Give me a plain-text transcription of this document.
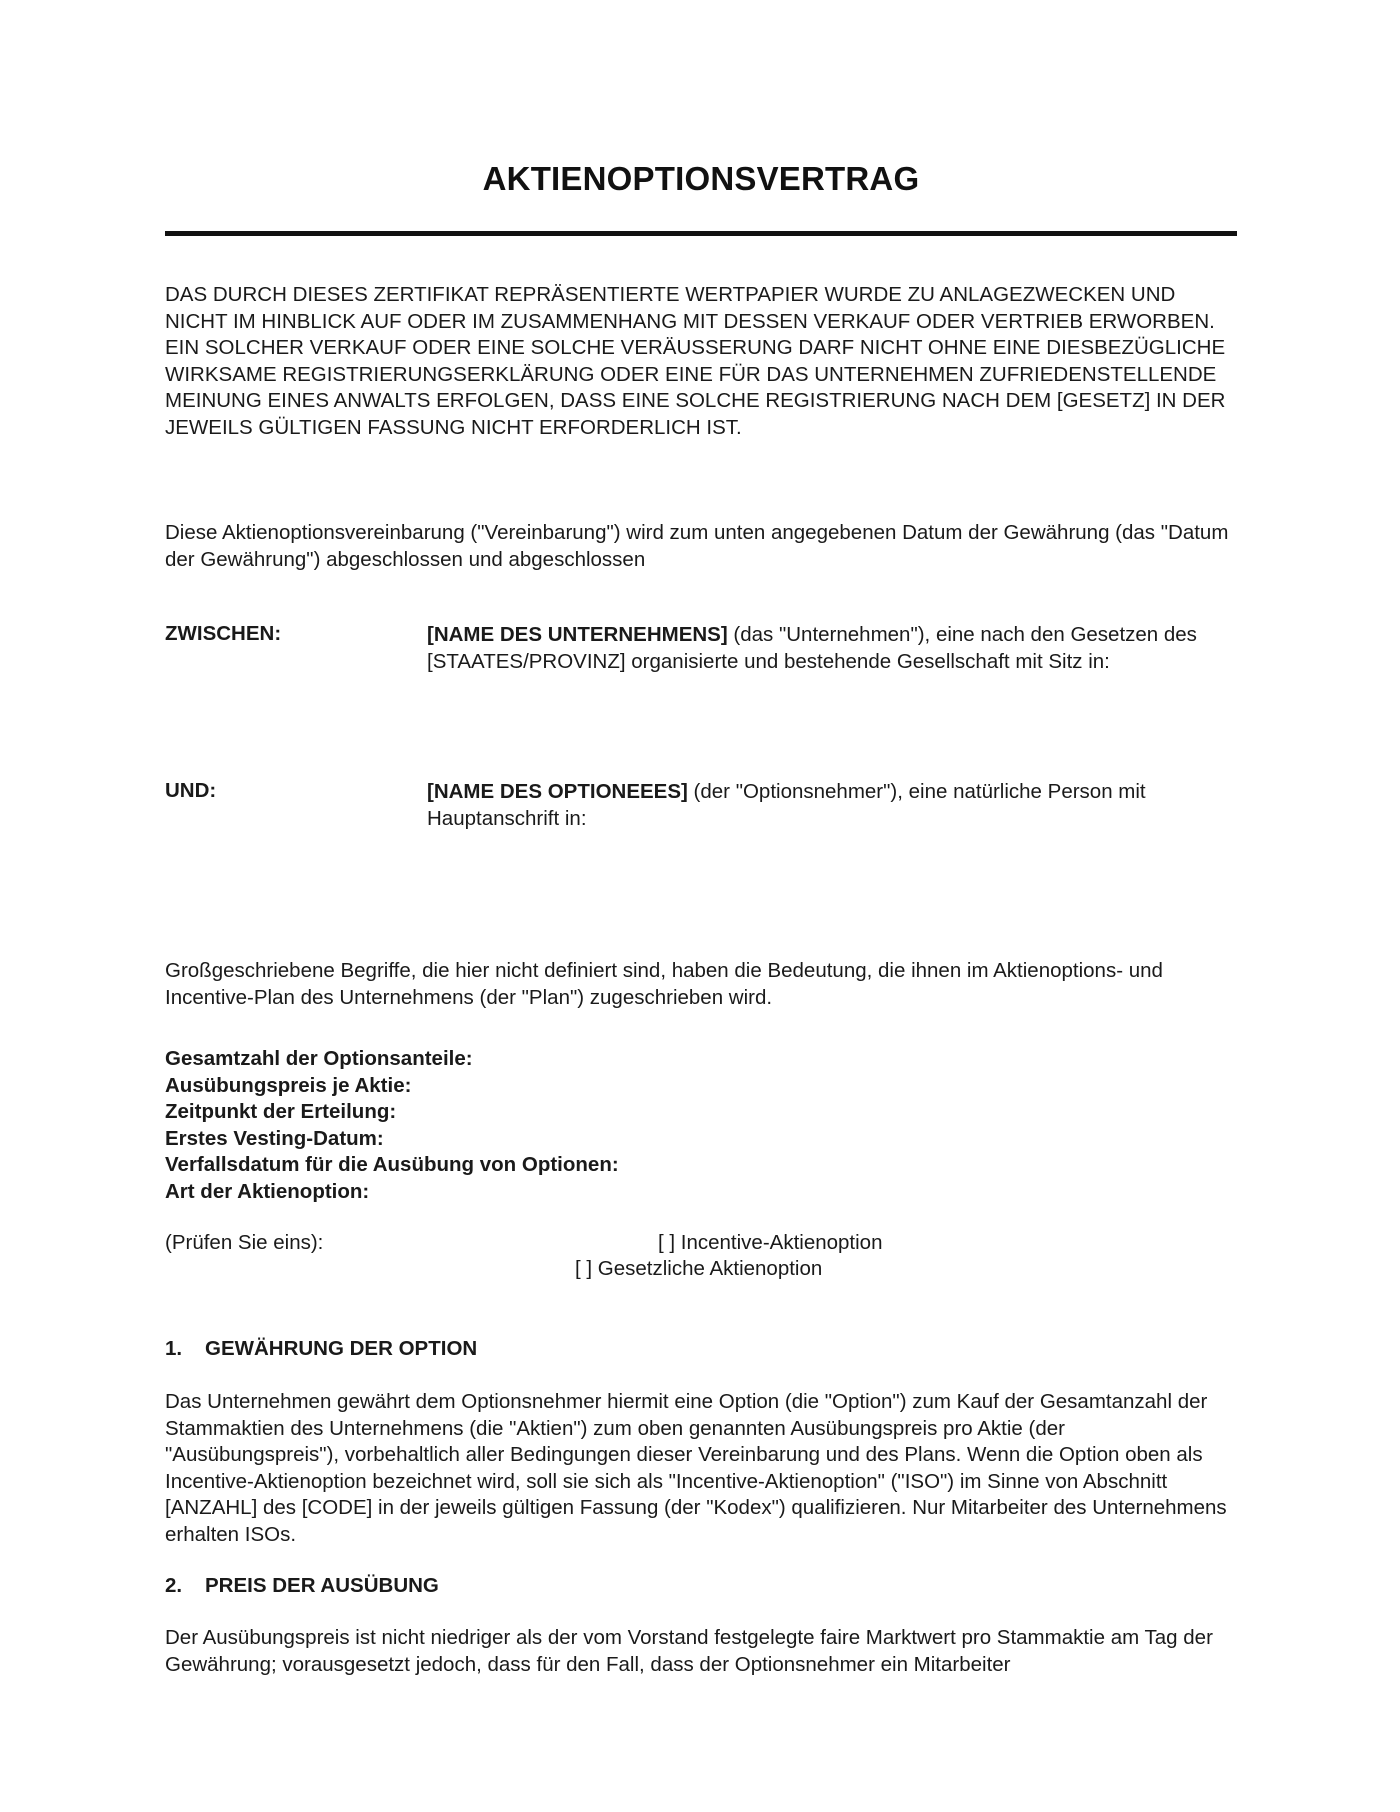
AKTIENOPTIONSVERTRAG

DAS DURCH DIESES ZERTIFIKAT REPRÄSENTIERTE WERTPAPIER WURDE ZU ANLAGEZWECKEN UND NICHT IM HINBLICK AUF ODER IM ZUSAMMENHANG MIT DESSEN VERKAUF ODER VERTRIEB ERWORBEN. EIN SOLCHER VERKAUF ODER EINE SOLCHE VERÄUSSERUNG DARF NICHT OHNE EINE DIESBEZÜGLICHE WIRKSAME REGISTRIERUNGSERKLÄRUNG ODER EINE FÜR DAS UNTERNEHMEN ZUFRIEDENSTELLENDE MEINUNG EINES ANWALTS ERFOLGEN, DASS EINE SOLCHE REGISTRIERUNG NACH DEM [GESETZ] IN DER JEWEILS GÜLTIGEN FASSUNG NICHT ERFORDERLICH IST.

Diese Aktienoptionsvereinbarung ("Vereinbarung") wird zum unten angegebenen Datum der Gewährung (das "Datum der Gewährung") abgeschlossen und abgeschlossen

ZWISCHEN:	[NAME DES UNTERNEHMENS] (das "Unternehmen"), eine nach den Gesetzen des [STAATES/PROVINZ] organisierte und bestehende Gesellschaft mit Sitz in:

UND:	[NAME DES OPTIONEEES] (der "Optionsnehmer"), eine natürliche Person mit Hauptanschrift in:

Großgeschriebene Begriffe, die hier nicht definiert sind, haben die Bedeutung, die ihnen im Aktienoptions- und Incentive-Plan des Unternehmens (der "Plan") zugeschrieben wird.

Gesamtzahl der Optionsanteile:
Ausübungspreis je Aktie:
Zeitpunkt der Erteilung:
Erstes Vesting-Datum:
Verfallsdatum für die Ausübung von Optionen:
Art der Aktienoption:
(Prüfen Sie eins):	[ ] Incentive-Aktienoption
[ ] Gesetzliche Aktienoption
1. GEWÄHRUNG DER OPTION

Das Unternehmen gewährt dem Optionsnehmer hiermit eine Option (die "Option") zum Kauf der Gesamtanzahl der Stammaktien des Unternehmens (die "Aktien") zum oben genannten Ausübungspreis pro Aktie (der "Ausübungspreis"), vorbehaltlich aller Bedingungen dieser Vereinbarung und des Plans. Wenn die Option oben als Incentive-Aktienoption bezeichnet wird, soll sie sich als "Incentive-Aktienoption" ("ISO") im Sinne von Abschnitt [ANZAHL] des [CODE] in der jeweils gültigen Fassung (der "Kodex") qualifizieren. Nur Mitarbeiter des Unternehmens erhalten ISOs.

2. PREIS DER AUSÜBUNG

Der Ausübungspreis ist nicht niedriger als der vom Vorstand festgelegte faire Marktwert pro Stammaktie am Tag der Gewährung; vorausgesetzt jedoch, dass für den Fall, dass der Optionsnehmer ein Mitarbeiter
